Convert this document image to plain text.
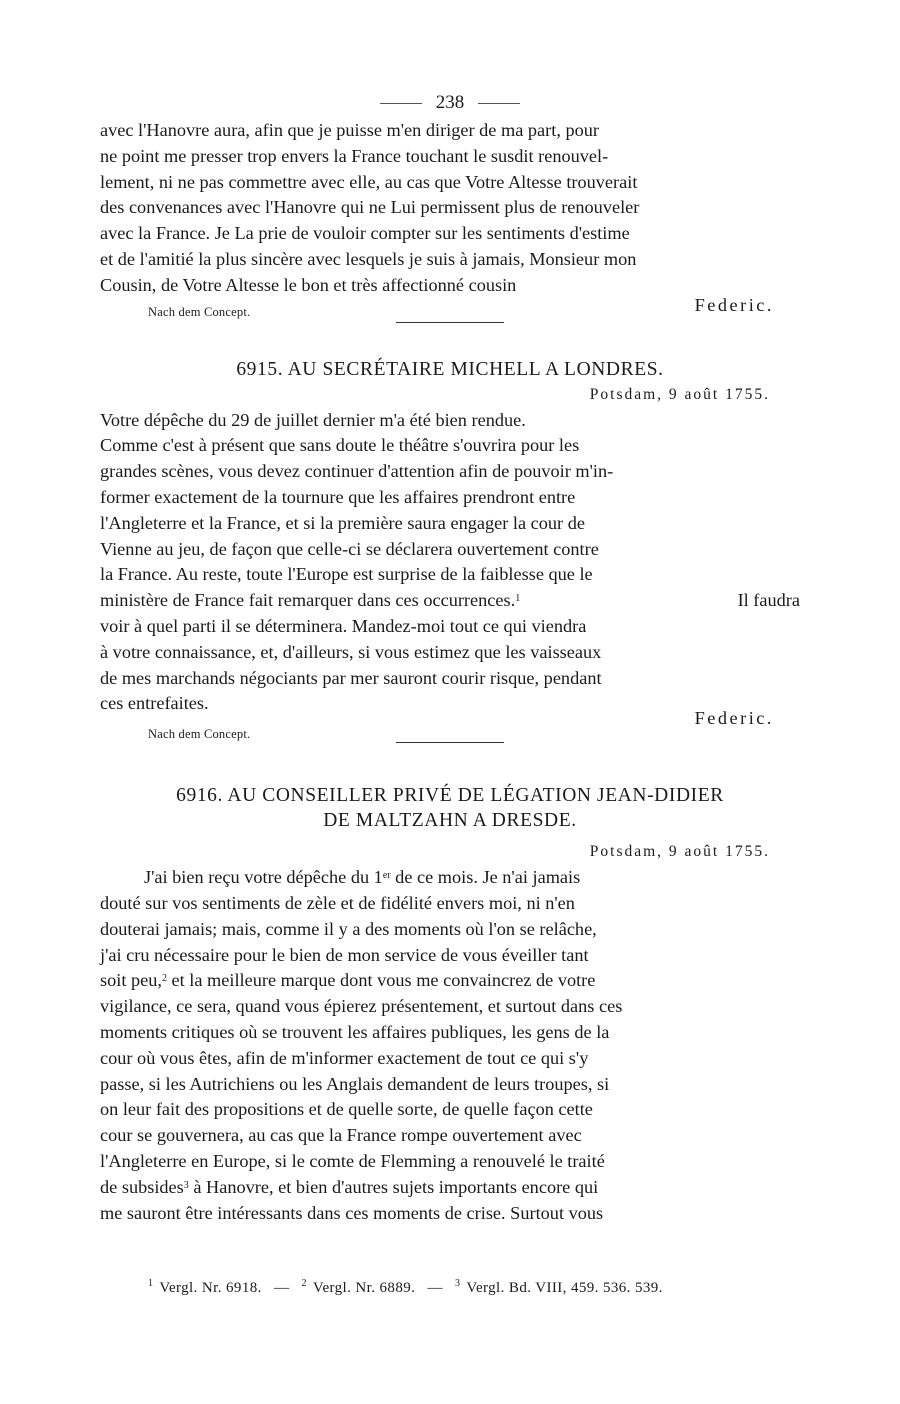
238
avec l'Hanovre aura, afin que je puisse m'en diriger de ma part, pour
ne point me presser trop envers la France touchant le susdit renouvel-
lement, ni ne pas commettre avec elle, au cas que Votre Altesse trouverait
des convenances avec l'Hanovre qui ne Lui permissent plus de renouveler
avec la France. Je La prie de vouloir compter sur les sentiments d'estime
et de l'amitié la plus sincère avec lesquels je suis à jamais, Monsieur mon
Cousin, de Votre Altesse le bon et très affectionné cousin
Nach dem Concept.	Federic.
6915. AU SECRÉTAIRE MICHELL A LONDRES.
Potsdam, 9 août 1755.
Votre dépêche du 29 de juillet dernier m'a été bien rendue.
Comme c'est à présent que sans doute le théâtre s'ouvrira pour les
grandes scènes, vous devez continuer d'attention afin de pouvoir m'in-
former exactement de la tournure que les affaires prendront entre
l'Angleterre et la France, et si la première saura engager la cour de
Vienne au jeu, de façon que celle-ci se déclarera ouvertement contre
la France. Au reste, toute l'Europe est surprise de la faiblesse que le
ministère de France fait remarquer dans ces occurrences.$^1$	Il faudra
voir à quel parti il se déterminera. Mandez-moi tout ce qui viendra
à votre connaissance, et, d'ailleurs, si vous estimez que les vaisseaux
de mes marchands négociants par mer sauront courir risque, pendant
ces entrefaites.
Federic.
Nach dem Concept.
6916. AU CONSEILLER PRIVÉ DE LÉGATION JEAN-DIDIER
DE MALTZAHN A DRESDE.
Potsdam, 9 août 1755.
J'ai bien reçu votre dépêche du 1er de ce mois. Je n'ai jamais
douté sur vos sentiments de zèle et de fidélité envers moi, ni n'en
douterai jamais; mais, comme il y a des moments où l'on se relâche,
j'ai cru nécessaire pour le bien de mon service de vous éveiller tant
soit peu,$^2$ et la meilleure marque dont vous me convaincrez de votre
vigilance, ce sera, quand vous épierez présentement, et surtout dans ces
moments critiques où se trouvent les affaires publiques, les gens de la
cour où vous êtes, afin de m'informer exactement de tout ce qui s'y
passe, si les Autrichiens ou les Anglais demandent de leurs troupes, si
on leur fait des propositions et de quelle sorte, de quelle façon cette
cour se gouvernera, au cas que la France rompe ouvertement avec
l'Angleterre en Europe, si le comte de Flemming a renouvelé le traité
de subsides$^3$ à Hanovre, et bien d'autres sujets importants encore qui
me sauront être intéressants dans ces moments de crise. Surtout vous
$^1$ Vergl. Nr. 6918. — $^2$ Vergl. Nr. 6889. — $^3$ Vergl. Bd. VIII, 459. 536. 539.
